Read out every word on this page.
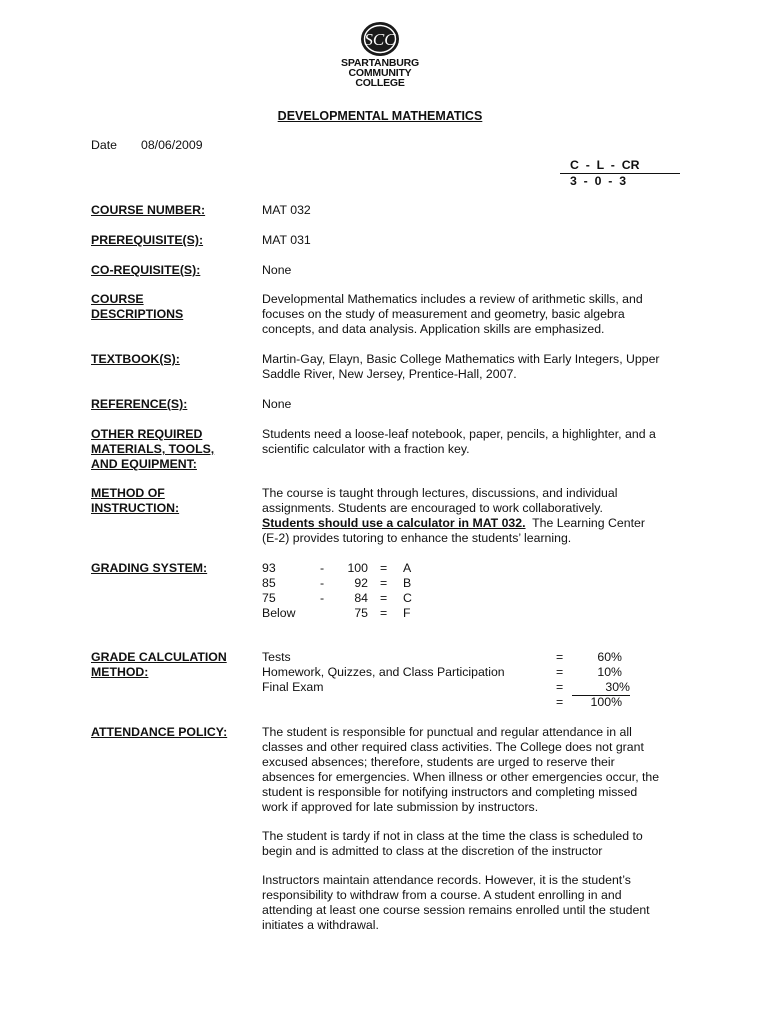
SCC
SPARTANBURG
COMMUNITY
COLLEGE
DEVELOPMENTAL MATHEMATICS
Date 08/06/2009
C  -  L  -  CR
3  -  0  -  3
COURSE NUMBER:	MAT 032
PREREQUISITE(S):	MAT 031
CO-REQUISITE(S):	None
COURSE
DESCRIPTIONS
Developmental Mathematics includes a review of arithmetic skills, and
focuses on the study of measurement and geometry, basic algebra
concepts, and data analysis. Application skills are emphasized.
TEXTBOOK(S):	Martin-Gay, Elayn, Basic College Mathematics with Early Integers, Upper
Saddle River, New Jersey, Prentice-Hall, 2007.
REFERENCE(S):	None
OTHER REQUIRED
MATERIALS, TOOLS,
AND EQUIPMENT:
Students need a loose-leaf notebook, paper, pencils, a highlighter, and a
scientific calculator with a fraction key.
METHOD OF
INSTRUCTION:
The course is taught through lectures, discussions, and individual
assignments. Students are encouraged to work collaboratively.
Students should use a calculator in MAT 032.  The Learning Center
(E-2) provides tutoring to enhance the students’ learning.
GRADING SYSTEM:	93	-	100 = A
85	-	92 = B
75	-	84 = C
Below	75 = F
GRADE CALCULATION
METHOD:
Tests	=	60%
Homework, Quizzes, and Class Participation	=	10%
Final Exam	=	30%
=	100%
ATTENDANCE POLICY:	The student is responsible for punctual and regular attendance in all
classes and other required class activities. The College does not grant
excused absences; therefore, students are urged to reserve their
absences for emergencies. When illness or other emergencies occur, the
student is responsible for notifying instructors and completing missed
work if approved for late submission by instructors.
The student is tardy if not in class at the time the class is scheduled to
begin and is admitted to class at the discretion of the instructor
Instructors maintain attendance records. However, it is the student’s
responsibility to withdraw from a course. A student enrolling in and
attending at least one course session remains enrolled until the student
initiates a withdrawal.
